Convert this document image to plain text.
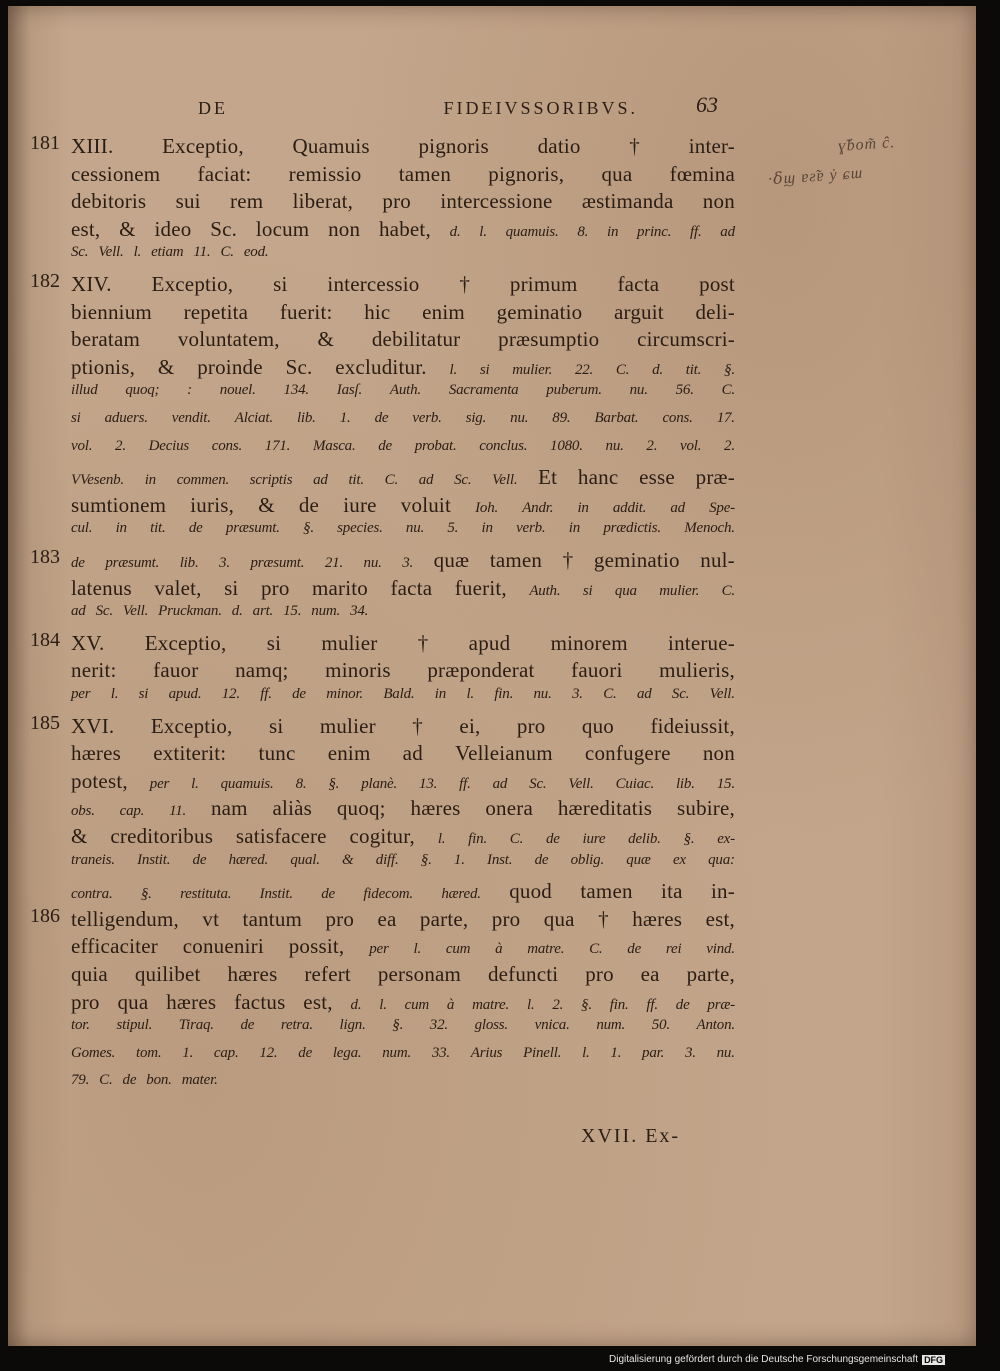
DE	FIDEIVSSORIBVS.	63
ɣ̃ɓom̃ ĉ.
·ẟϣ ɐƨ̃ɐ ẏ ɕɯ
XIII. Exceptio, Quamuis pignoris datio † inter-
181
cessionem faciat: remissio tamen pignoris, qua fœmina
debitoris sui rem liberat, pro intercessione æstimanda non
est, & ideo Sc. locum non habet, d. l. quamuis. 8. in princ. ff. ad
Sc. Vell. l. etiam 11. C. eod.
XIV. Exceptio, si intercessio † primum facta post
182
biennium repetita fuerit: hic enim geminatio arguit deli-
beratam voluntatem, & debilitatur præsumptio circumscri-
ptionis, & proinde Sc. excluditur. l. si mulier. 22. C. d. tit. §.
illud quoq; : nouel. 134. Iasſ. Auth. Sacramenta puberum. nu. 56. C.
si aduers. vendit. Alciat. lib. 1. de verb. sig. nu. 89. Barbat. cons. 17.
vol. 2. Decius cons. 171. Masca. de probat. conclus. 1080. nu. 2. vol. 2.
VVesenb. in commen. scriptis ad tit. C. ad Sc. Vell. Et hanc esse præ-
sumtionem iuris, & de iure voluit Ioh. Andr. in addit. ad Spe-
cul. in tit. de præsumt. §. species. nu. 5. in verb. in prædictis. Menoch.
de præsumt. lib. 3. præsumt. 21. nu. 3. quæ tamen † geminatio nul-
183
latenus valet, si pro marito facta fuerit, Auth. si qua mulier. C.
ad Sc. Vell. Pruckman. d. art. 15. num. 34.
XV. Exceptio, si mulier † apud minorem interue-
184
nerit: fauor namq; minoris præponderat fauori mulieris,
per l. si apud. 12. ff. de minor. Bald. in l. fin. nu. 3. C. ad Sc. Vell.
XVI. Exceptio, si mulier † ei, pro quo fideiussit,
185
hæres extiterit: tunc enim ad Velleianum confugere non
potest, per l. quamuis. 8. §. planè. 13. ff. ad Sc. Vell. Cuiac. lib. 15.
obs. cap. 11. nam aliàs quoq; hæres onera hæreditatis subire,
& creditoribus satisfacere cogitur, l. fin. C. de iure delib. §. ex-
traneis. Instit. de hæred. qual. & diff. §. 1. Inst. de oblig. quæ ex qua:
contra. §. restituta. Instit. de fidecom. hæred. quod tamen ita in-
telligendum, vt tantum pro ea parte, pro qua † hæres est,
186
efficaciter conueniri possit, per l. cum à matre. C. de rei vind.
quia quilibet hæres refert personam defuncti pro ea parte,
pro qua hæres factus est, d. l. cum à matre. l. 2. §. fin. ff. de præ-
tor. stipul. Tiraq. de retra. lign. §. 32. gloss. vnica. num. 50. Anton.
Gomes. tom. 1. cap. 12. de lega. num. 33. Arius Pinell. l. 1. par. 3. nu.
79. C. de bon. mater.
XVII. Ex-
Digitalisierung gefördert durch die Deutsche Forschungsgemeinschaft DFG
